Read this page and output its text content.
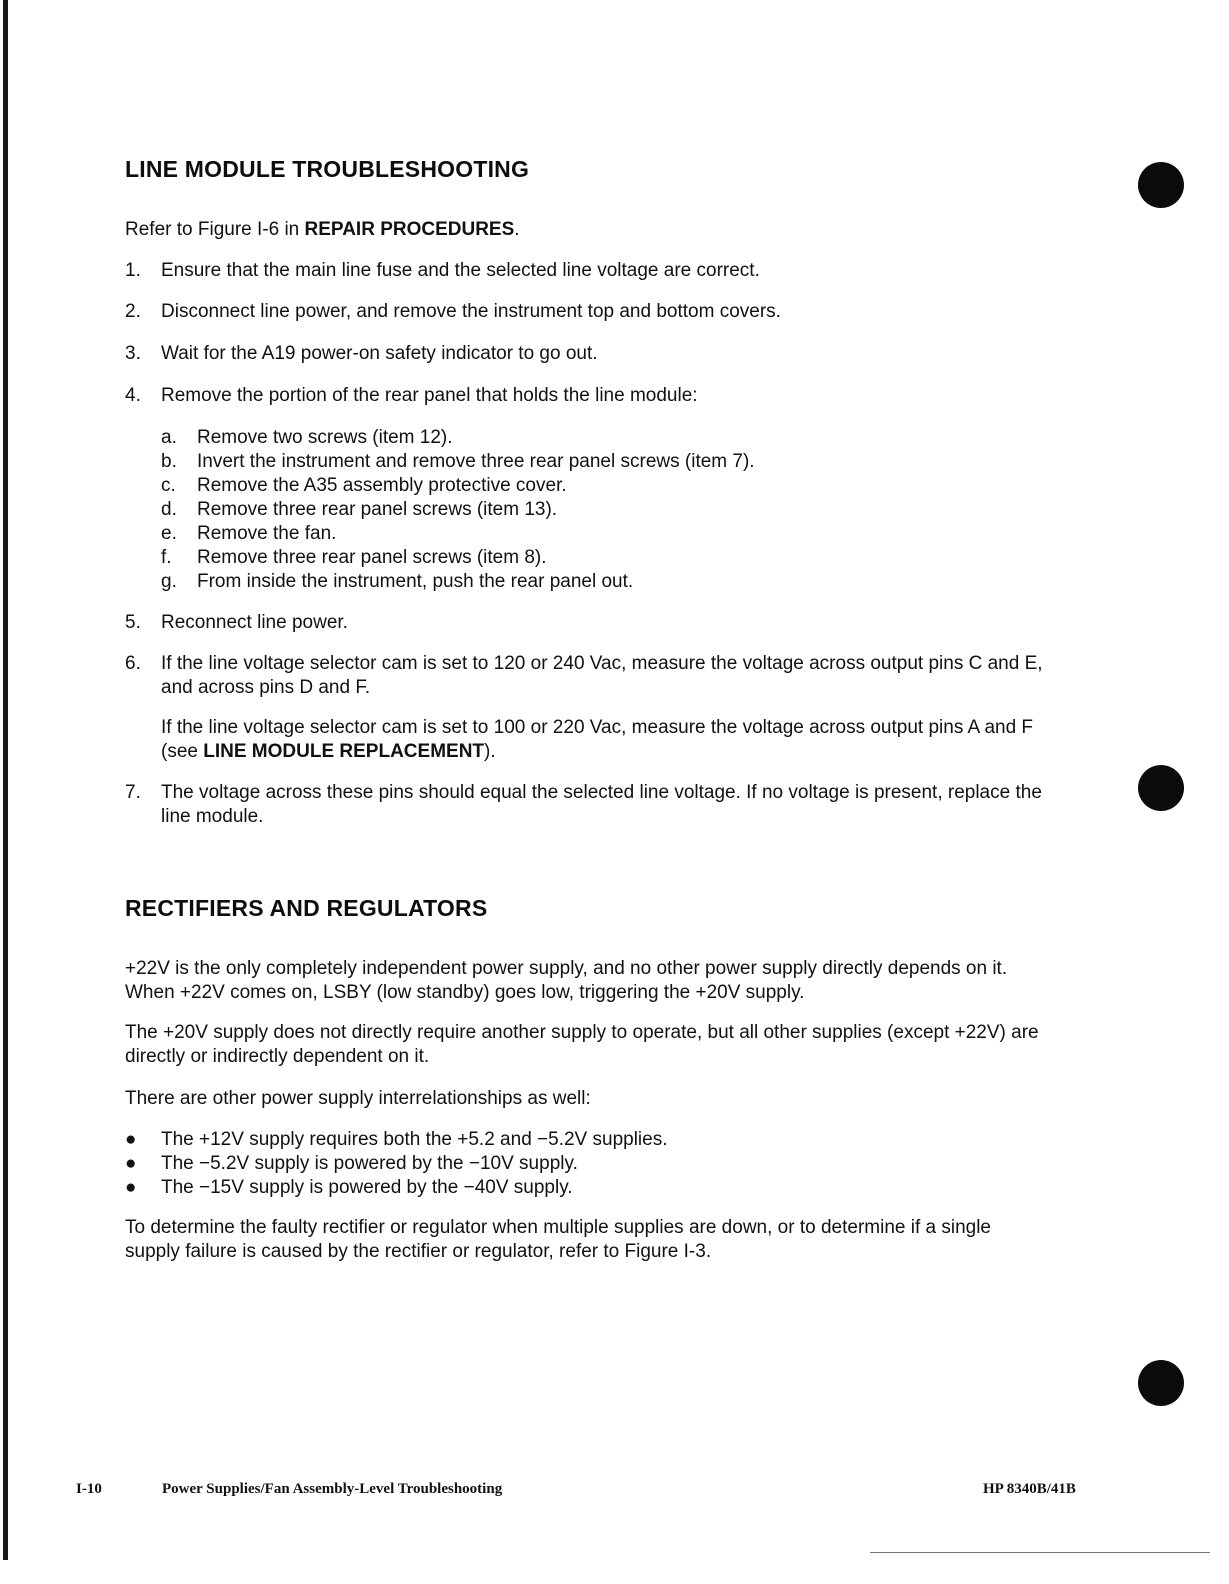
LINE MODULE TROUBLESHOOTING

Refer to Figure I-6 in REPAIR PROCEDURES.

1. Ensure that the main line fuse and the selected line voltage are correct.
2. Disconnect line power, and remove the instrument top and bottom covers.
3. Wait for the A19 power-on safety indicator to go out.
4. Remove the portion of the rear panel that holds the line module:
a. Remove two screws (item 12).
b. Invert the instrument and remove three rear panel screws (item 7).
c. Remove the A35 assembly protective cover.
d. Remove three rear panel screws (item 13).
e. Remove the fan.
f. Remove three rear panel screws (item 8).
g. From inside the instrument, push the rear panel out.
5. Reconnect line power.
6. If the line voltage selector cam is set to 120 or 240 Vac, measure the voltage across output pins C and E, and across pins D and F.
If the line voltage selector cam is set to 100 or 220 Vac, measure the voltage across output pins A and F (see LINE MODULE REPLACEMENT).
7. The voltage across these pins should equal the selected line voltage. If no voltage is present, replace the line module.
RECTIFIERS AND REGULATORS

+22V is the only completely independent power supply, and no other power supply directly depends on it. When +22V comes on, LSBY (low standby) goes low, triggering the +20V supply.

The +20V supply does not directly require another supply to operate, but all other supplies (except +22V) are directly or indirectly dependent on it.

There are other power supply interrelationships as well:

● The +12V supply requires both the +5.2 and −5.2V supplies.
● The −5.2V supply is powered by the −10V supply.
● The −15V supply is powered by the −40V supply.

To determine the faulty rectifier or regulator when multiple supplies are down, or to determine if a single supply failure is caused by the rectifier or regulator, refer to Figure I-3.

I-10	Power Supplies/Fan Assembly-Level Troubleshooting	HP 8340B/41B
